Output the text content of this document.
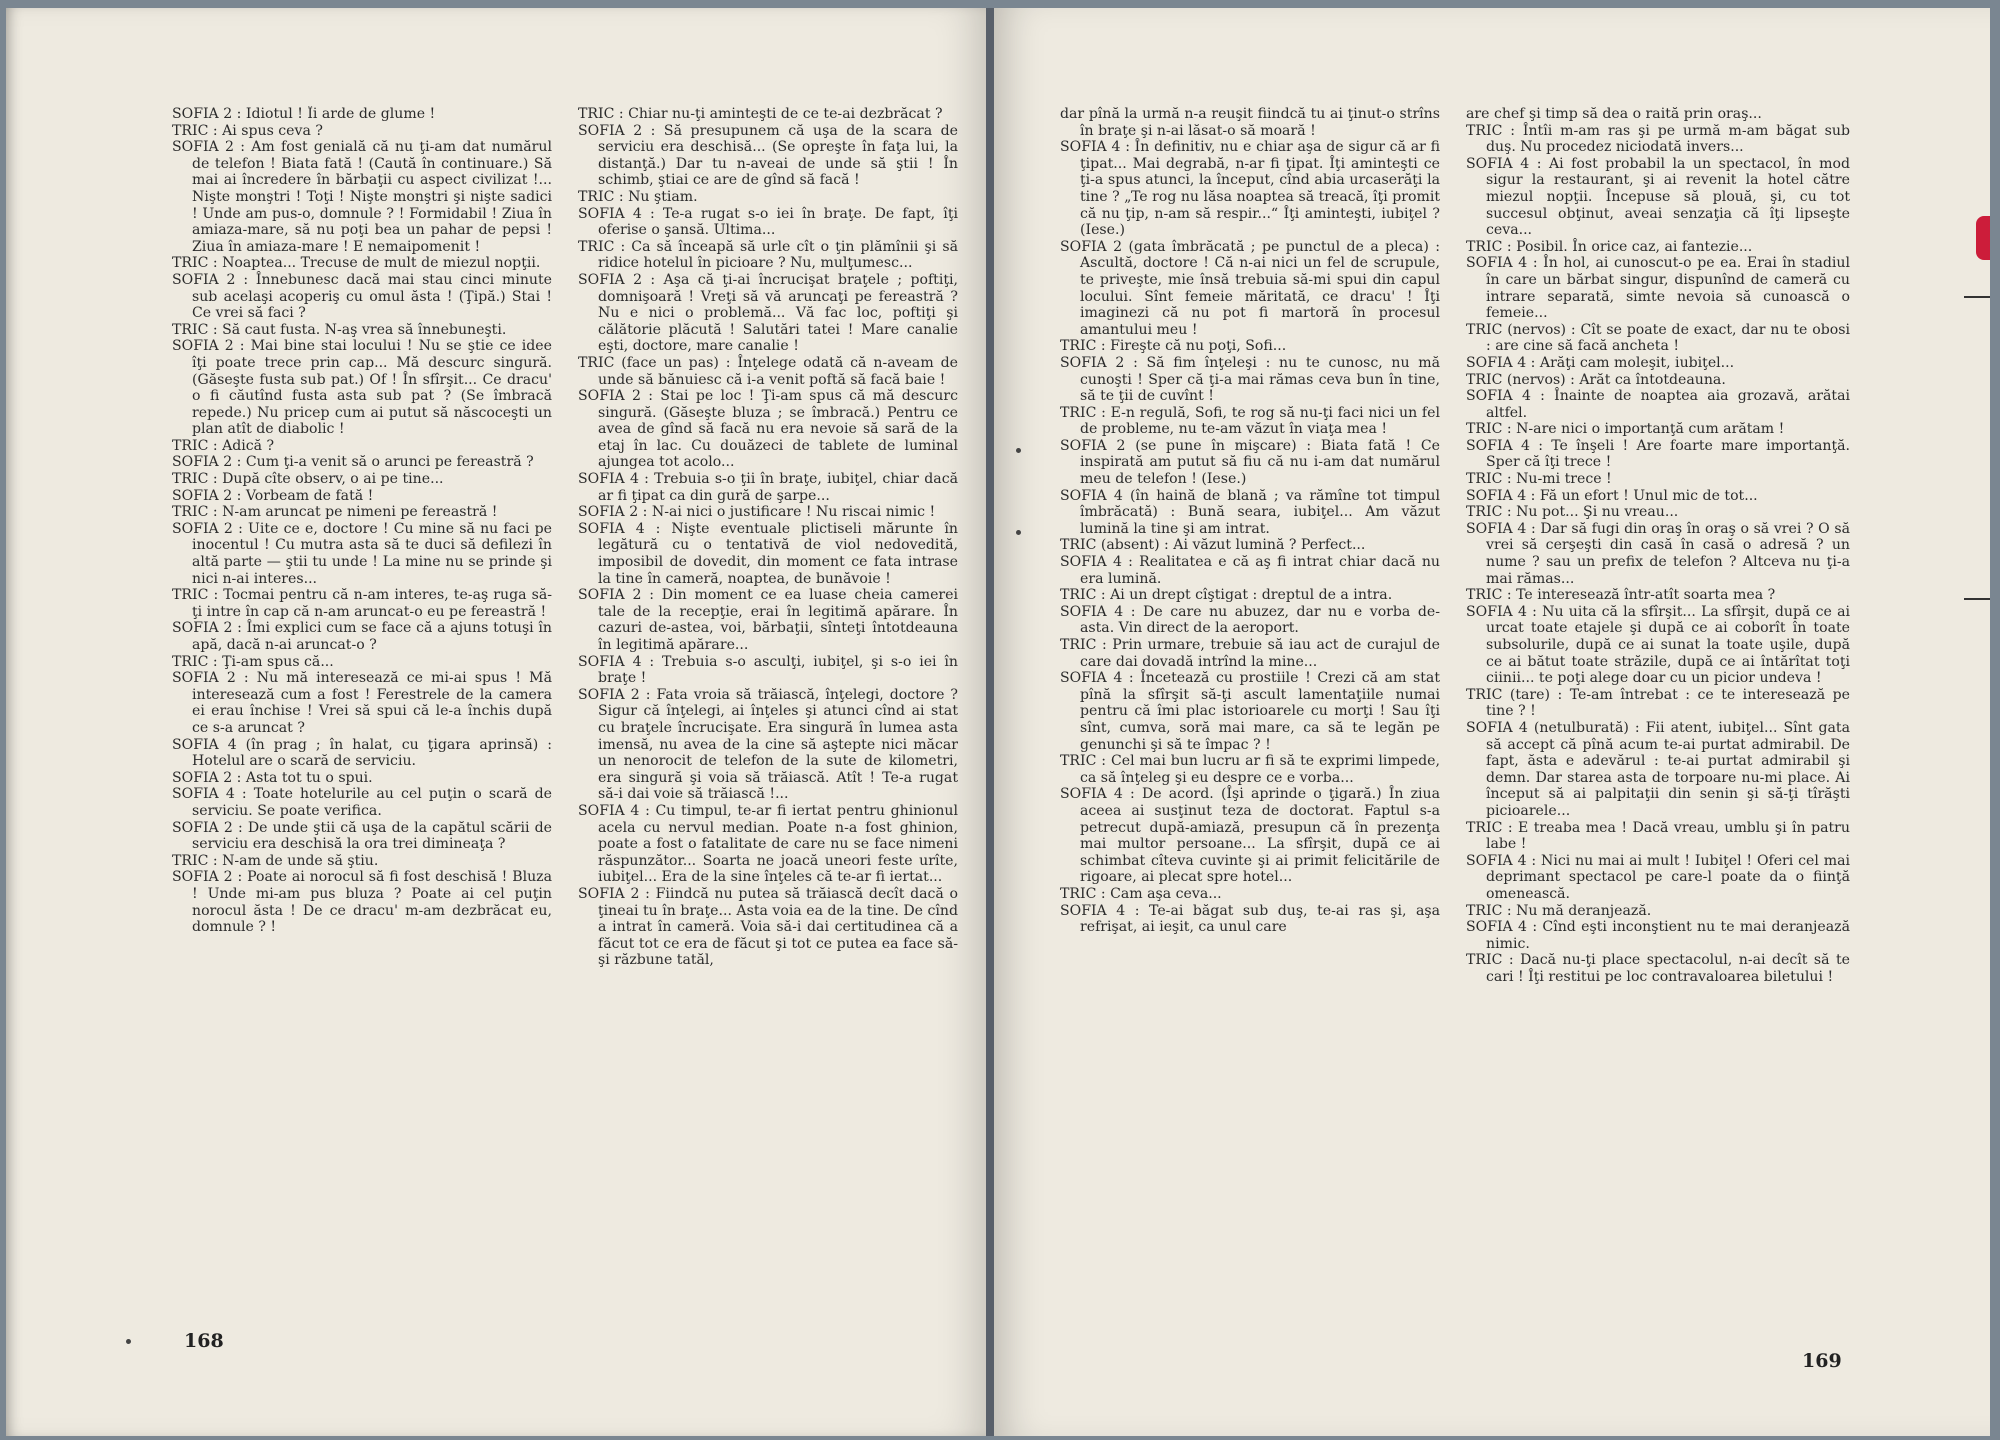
SOFIA 2 : Idiotul ! Îi arde de glume !

TRIC : Ai spus ceva ?

SOFIA 2 : Am fost genială că nu ţi-am dat numărul de telefon ! Biata fată ! (Caută în continuare.) Să mai ai încredere în bărbaţii cu aspect civilizat !... Nişte monştri ! Toţi ! Nişte monştri şi nişte sadici ! Unde am pus-o, domnule ? ! Formidabil ! Ziua în amiaza-mare, să nu poţi bea un pahar de pepsi ! Ziua în amiaza-mare ! E nemaipomenit !

TRIC : Noaptea... Trecuse de mult de miezul nopţii.

SOFIA 2 : Înnebunesc dacă mai stau cinci minute sub acelaşi acoperiş cu omul ăsta ! (Ţipă.) Stai ! Ce vrei să faci ?

TRIC : Să caut fusta. N-aş vrea să înnebuneşti.

SOFIA 2 : Mai bine stai locului ! Nu se ştie ce idee îţi poate trece prin cap... Mă descurc singură. (Găseşte fusta sub pat.) Of ! În sfîrşit... Ce dracu' o fi căutînd fusta asta sub pat ? (Se îmbracă repede.) Nu pricep cum ai putut să născoceşti un plan atît de diabolic !

TRIC : Adică ?

SOFIA 2 : Cum ţi-a venit să o arunci pe fereastră ?

TRIC : După cîte observ, o ai pe tine...

SOFIA 2 : Vorbeam de fată !

TRIC : N-am aruncat pe nimeni pe fereastră !

SOFIA 2 : Uite ce e, doctore ! Cu mine să nu faci pe inocentul ! Cu mutra asta să te duci să defilezi în altă parte — ştii tu unde ! La mine nu se prinde şi nici n-ai interes...

TRIC : Tocmai pentru că n-am interes, te-aş ruga să-ţi intre în cap că n-am aruncat-o eu pe fereastră !

SOFIA 2 : Îmi explici cum se face că a ajuns totuşi în apă, dacă n-ai aruncat-o ?

TRIC : Ţi-am spus că...

SOFIA 2 : Nu mă interesează ce mi-ai spus ! Mă interesează cum a fost ! Ferestrele de la camera ei erau închise ! Vrei să spui că le-a închis după ce s-a aruncat ?

SOFIA 4 (în prag ; în halat, cu ţigara aprinsă) : Hotelul are o scară de serviciu.

SOFIA 2 : Asta tot tu o spui.

SOFIA 4 : Toate hotelurile au cel puţin o scară de serviciu. Se poate verifica.

SOFIA 2 : De unde ştii că uşa de la capătul scării de serviciu era deschisă la ora trei dimineaţa ?

TRIC : N-am de unde să ştiu.

SOFIA 2 : Poate ai norocul să fi fost deschisă ! Bluza ! Unde mi-am pus bluza ? Poate ai cel puţin norocul ăsta ! De ce dracu' m-am dezbrăcat eu, domnule ? !

TRIC : Chiar nu-ţi aminteşti de ce te-ai dezbrăcat ?

SOFIA 2 : Să presupunem că uşa de la scara de serviciu era deschisă... (Se opreşte în faţa lui, la distanţă.) Dar tu n-aveai de unde să ştii ! În schimb, ştiai ce are de gînd să facă !

TRIC : Nu ştiam.

SOFIA 4 : Te-a rugat s-o iei în braţe. De fapt, îţi oferise o şansă. Ultima...

TRIC : Ca să înceapă să urle cît o ţin plămînii şi să ridice hotelul în picioare ? Nu, mulţumesc...

SOFIA 2 : Aşa că ţi-ai încrucişat braţele ; poftiţi, domnişoară ! Vreţi să vă aruncaţi pe fereastră ? Nu e nici o problemă... Vă fac loc, poftiţi şi călătorie plăcută ! Salutări tatei ! Mare canalie eşti, doctore, mare canalie !

TRIC (face un pas) : Înţelege odată că n-aveam de unde să bănuiesc că i-a venit poftă să facă baie !

SOFIA 2 : Stai pe loc ! Ţi-am spus că mă descurc singură. (Găseşte bluza ; se îmbracă.) Pentru ce avea de gînd să facă nu era nevoie să sară de la etaj în lac. Cu douăzeci de tablete de luminal ajungea tot acolo...

SOFIA 4 : Trebuia s-o ţii în braţe, iubiţel, chiar dacă ar fi ţipat ca din gură de şarpe...

SOFIA 2 : N-ai nici o justificare ! Nu riscai nimic !

SOFIA 4 : Nişte eventuale plictiseli mărunte în legătură cu o tentativă de viol nedovedită, imposibil de dovedit, din moment ce fata intrase la tine în cameră, noaptea, de bunăvoie !

SOFIA 2 : Din moment ce ea luase cheia camerei tale de la recepţie, erai în legitimă apărare. În cazuri de-astea, voi, bărbaţii, sînteţi întotdeauna în legitimă apărare...

SOFIA 4 : Trebuia s-o asculţi, iubiţel, şi s-o iei în braţe !

SOFIA 2 : Fata vroia să trăiască, înţelegi, doctore ? Sigur că înţelegi, ai înţeles şi atunci cînd ai stat cu braţele încrucişate. Era singură în lumea asta imensă, nu avea de la cine să aştepte nici măcar un nenorocit de telefon de la sute de kilometri, era singură şi voia să trăiască. Atît ! Te-a rugat să-i dai voie să trăiască !...

SOFIA 4 : Cu timpul, te-ar fi iertat pentru ghinionul acela cu nervul median. Poate n-a fost ghinion, poate a fost o fatalitate de care nu se face nimeni răspunzător... Soarta ne joacă uneori feste urîte, iubiţel... Era de la sine înţeles că te-ar fi iertat...

SOFIA 2 : Fiindcă nu putea să trăiască decît dacă o ţineai tu în braţe... Asta voia ea de la tine. De cînd a intrat în cameră. Voia să-i dai certitudinea că a făcut tot ce era de făcut şi tot ce putea ea face să-şi răzbune tatăl,

168

dar pînă la urmă n-a reuşit fiindcă tu ai ţinut-o strîns în braţe şi n-ai lăsat-o să moară !

SOFIA 4 : În definitiv, nu e chiar aşa de sigur că ar fi ţipat... Mai degrabă, n-ar fi ţipat. Îţi aminteşti ce ţi-a spus atunci, la început, cînd abia urcaserăţi la tine ? „Te rog nu lăsa noaptea să treacă, îţi promit că nu ţip, n-am să respir...“ Îţi aminteşti, iubiţel ? (Iese.)

SOFIA 2 (gata îmbrăcată ; pe punctul de a pleca) : Ascultă, doctore ! Că n-ai nici un fel de scrupule, te priveşte, mie însă trebuia să-mi spui din capul locului. Sînt femeie măritată, ce dracu' ! Îţi imaginezi că nu pot fi martoră în procesul amantului meu !

TRIC : Fireşte că nu poţi, Sofi...

SOFIA 2 : Să fim înţeleşi : nu te cunosc, nu mă cunoşti ! Sper că ţi-a mai rămas ceva bun în tine, să te ţii de cuvînt !

TRIC : E-n regulă, Sofi, te rog să nu-ţi faci nici un fel de probleme, nu te-am văzut în viaţa mea !

SOFIA 2 (se pune în mişcare) : Biata fată ! Ce inspirată am putut să fiu că nu i-am dat numărul meu de telefon ! (Iese.)

SOFIA 4 (în haină de blană ; va rămîne tot timpul îmbrăcată) : Bună seara, iubiţel... Am văzut lumină la tine şi am intrat.

TRIC (absent) : Ai văzut lumină ? Perfect...

SOFIA 4 : Realitatea e că aş fi intrat chiar dacă nu era lumină.

TRIC : Ai un drept cîştigat : dreptul de a intra.

SOFIA 4 : De care nu abuzez, dar nu e vorba de-asta. Vin direct de la aeroport.

TRIC : Prin urmare, trebuie să iau act de curajul de care dai dovadă intrînd la mine...

SOFIA 4 : Încetează cu prostiile ! Crezi că am stat pînă la sfîrşit să-ţi ascult lamentaţiile numai pentru că îmi plac istorioarele cu morţi ! Sau îţi sînt, cumva, soră mai mare, ca să te legăn pe genunchi şi să te împac ? !

TRIC : Cel mai bun lucru ar fi să te exprimi limpede, ca să înţeleg şi eu despre ce e vorba...

SOFIA 4 : De acord. (Îşi aprinde o ţigară.) În ziua aceea ai susţinut teza de doctorat. Faptul s-a petrecut după-amiază, presupun că în prezenţa mai multor persoane... La sfîrşit, după ce ai schimbat cîteva cuvinte şi ai primit felicitările de rigoare, ai plecat spre hotel...

TRIC : Cam aşa ceva...

SOFIA 4 : Te-ai băgat sub duş, te-ai ras şi, aşa refrişat, ai ieşit, ca unul care

are chef şi timp să dea o raită prin oraş...

TRIC : Întîi m-am ras şi pe urmă m-am băgat sub duş. Nu procedez niciodată invers...

SOFIA 4 : Ai fost probabil la un spectacol, în mod sigur la restaurant, şi ai revenit la hotel către miezul nopţii. Începuse să plouă, şi, cu tot succesul obţinut, aveai senzaţia că îţi lipseşte ceva...

TRIC : Posibil. În orice caz, ai fantezie...

SOFIA 4 : În hol, ai cunoscut-o pe ea. Erai în stadiul în care un bărbat singur, dispunînd de cameră cu intrare separată, simte nevoia să cunoască o femeie...

TRIC (nervos) : Cît se poate de exact, dar nu te obosi : are cine să facă ancheta !

SOFIA 4 : Arăţi cam moleşit, iubiţel...

TRIC (nervos) : Arăt ca întotdeauna.

SOFIA 4 : Înainte de noaptea aia grozavă, arătai altfel.

TRIC : N-are nici o importanţă cum arătam !

SOFIA 4 : Te înşeli ! Are foarte mare importanţă. Sper că îţi trece !

TRIC : Nu-mi trece !

SOFIA 4 : Fă un efort ! Unul mic de tot...

TRIC : Nu pot... Şi nu vreau...

SOFIA 4 : Dar să fugi din oraş în oraş o să vrei ? O să vrei să cerşeşti din casă în casă o adresă ? un nume ? sau un prefix de telefon ? Altceva nu ţi-a mai rămas...

TRIC : Te interesează într-atît soarta mea ?

SOFIA 4 : Nu uita că la sfîrşit... La sfîrşit, după ce ai urcat toate etajele şi după ce ai coborît în toate subsolurile, după ce ai sunat la toate uşile, după ce ai bătut toate străzile, după ce ai întărîtat toţi ciinii... te poţi alege doar cu un picior undeva !

TRIC (tare) : Te-am întrebat : ce te interesează pe tine ? !

SOFIA 4 (netulburată) : Fii atent, iubiţel... Sînt gata să accept că pînă acum te-ai purtat admirabil. De fapt, ăsta e adevărul : te-ai purtat admirabil şi demn. Dar starea asta de torpoare nu-mi place. Ai început să ai palpitaţii din senin şi să-ţi tîrăşti picioarele...

TRIC : E treaba mea ! Dacă vreau, umblu şi în patru labe !

SOFIA 4 : Nici nu mai ai mult ! Iubiţel ! Oferi cel mai deprimant spectacol pe care-l poate da o fiinţă omenească.

TRIC : Nu mă deranjează.

SOFIA 4 : Cînd eşti inconştient nu te mai deranjează nimic.

TRIC : Dacă nu-ţi place spectacolul, n-ai decît să te cari ! Îţi restitui pe loc contravaloarea biletului !

169
